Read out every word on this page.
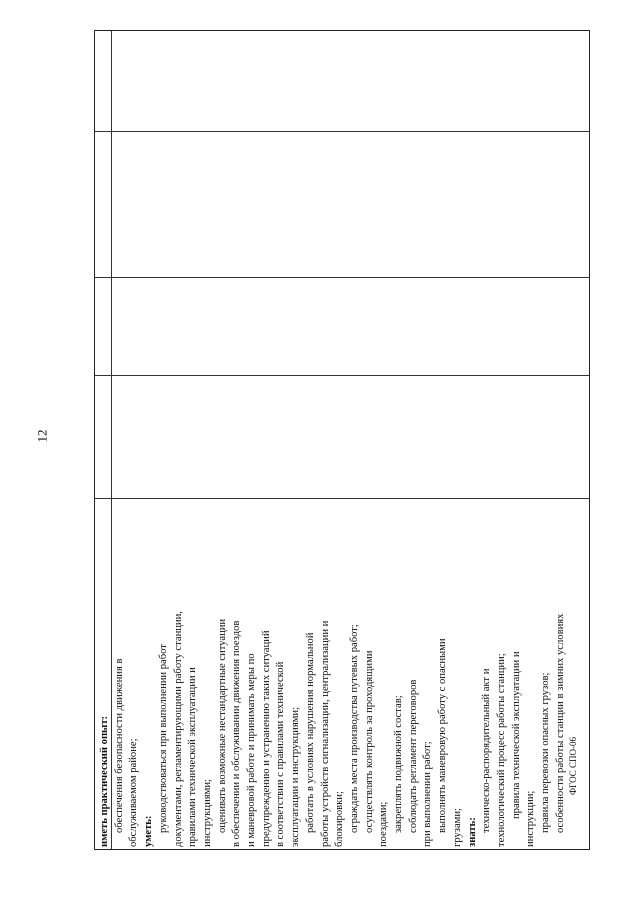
12
ФГОС СПО-06
иметь практический опыт: обеспечения безопасности движения в обслуживаемом районе; уметь: руководствоваться при выполнении работ документами, регламентирующими работу станции, правилами технической эксплуатации и инструкциями; оценивать возможные нестандартные ситуации в обеспечении и обслуживании движения поездов и маневровой работе и принимать меры по предупреждению и устранению таких ситуаций в соответствии с правилами технической эксплуатации и инструкциями; работать в условиях нарушения нормальной работы устройств сигнализации, централизации и блокировки; ограждать места производства путевых работ; осуществлять контроль за проходящими поездами; закреплять подвижной состав; соблюдать регламент переговоров при выполнении работ; выполнять маневровую работу с опасными грузами; знать: техническо-распорядительный акт и технологический процесс работы станции; правила технической эксплуатации и инструкции; правила перевозки опасных грузов; особенности работы станции в зимних условиях
